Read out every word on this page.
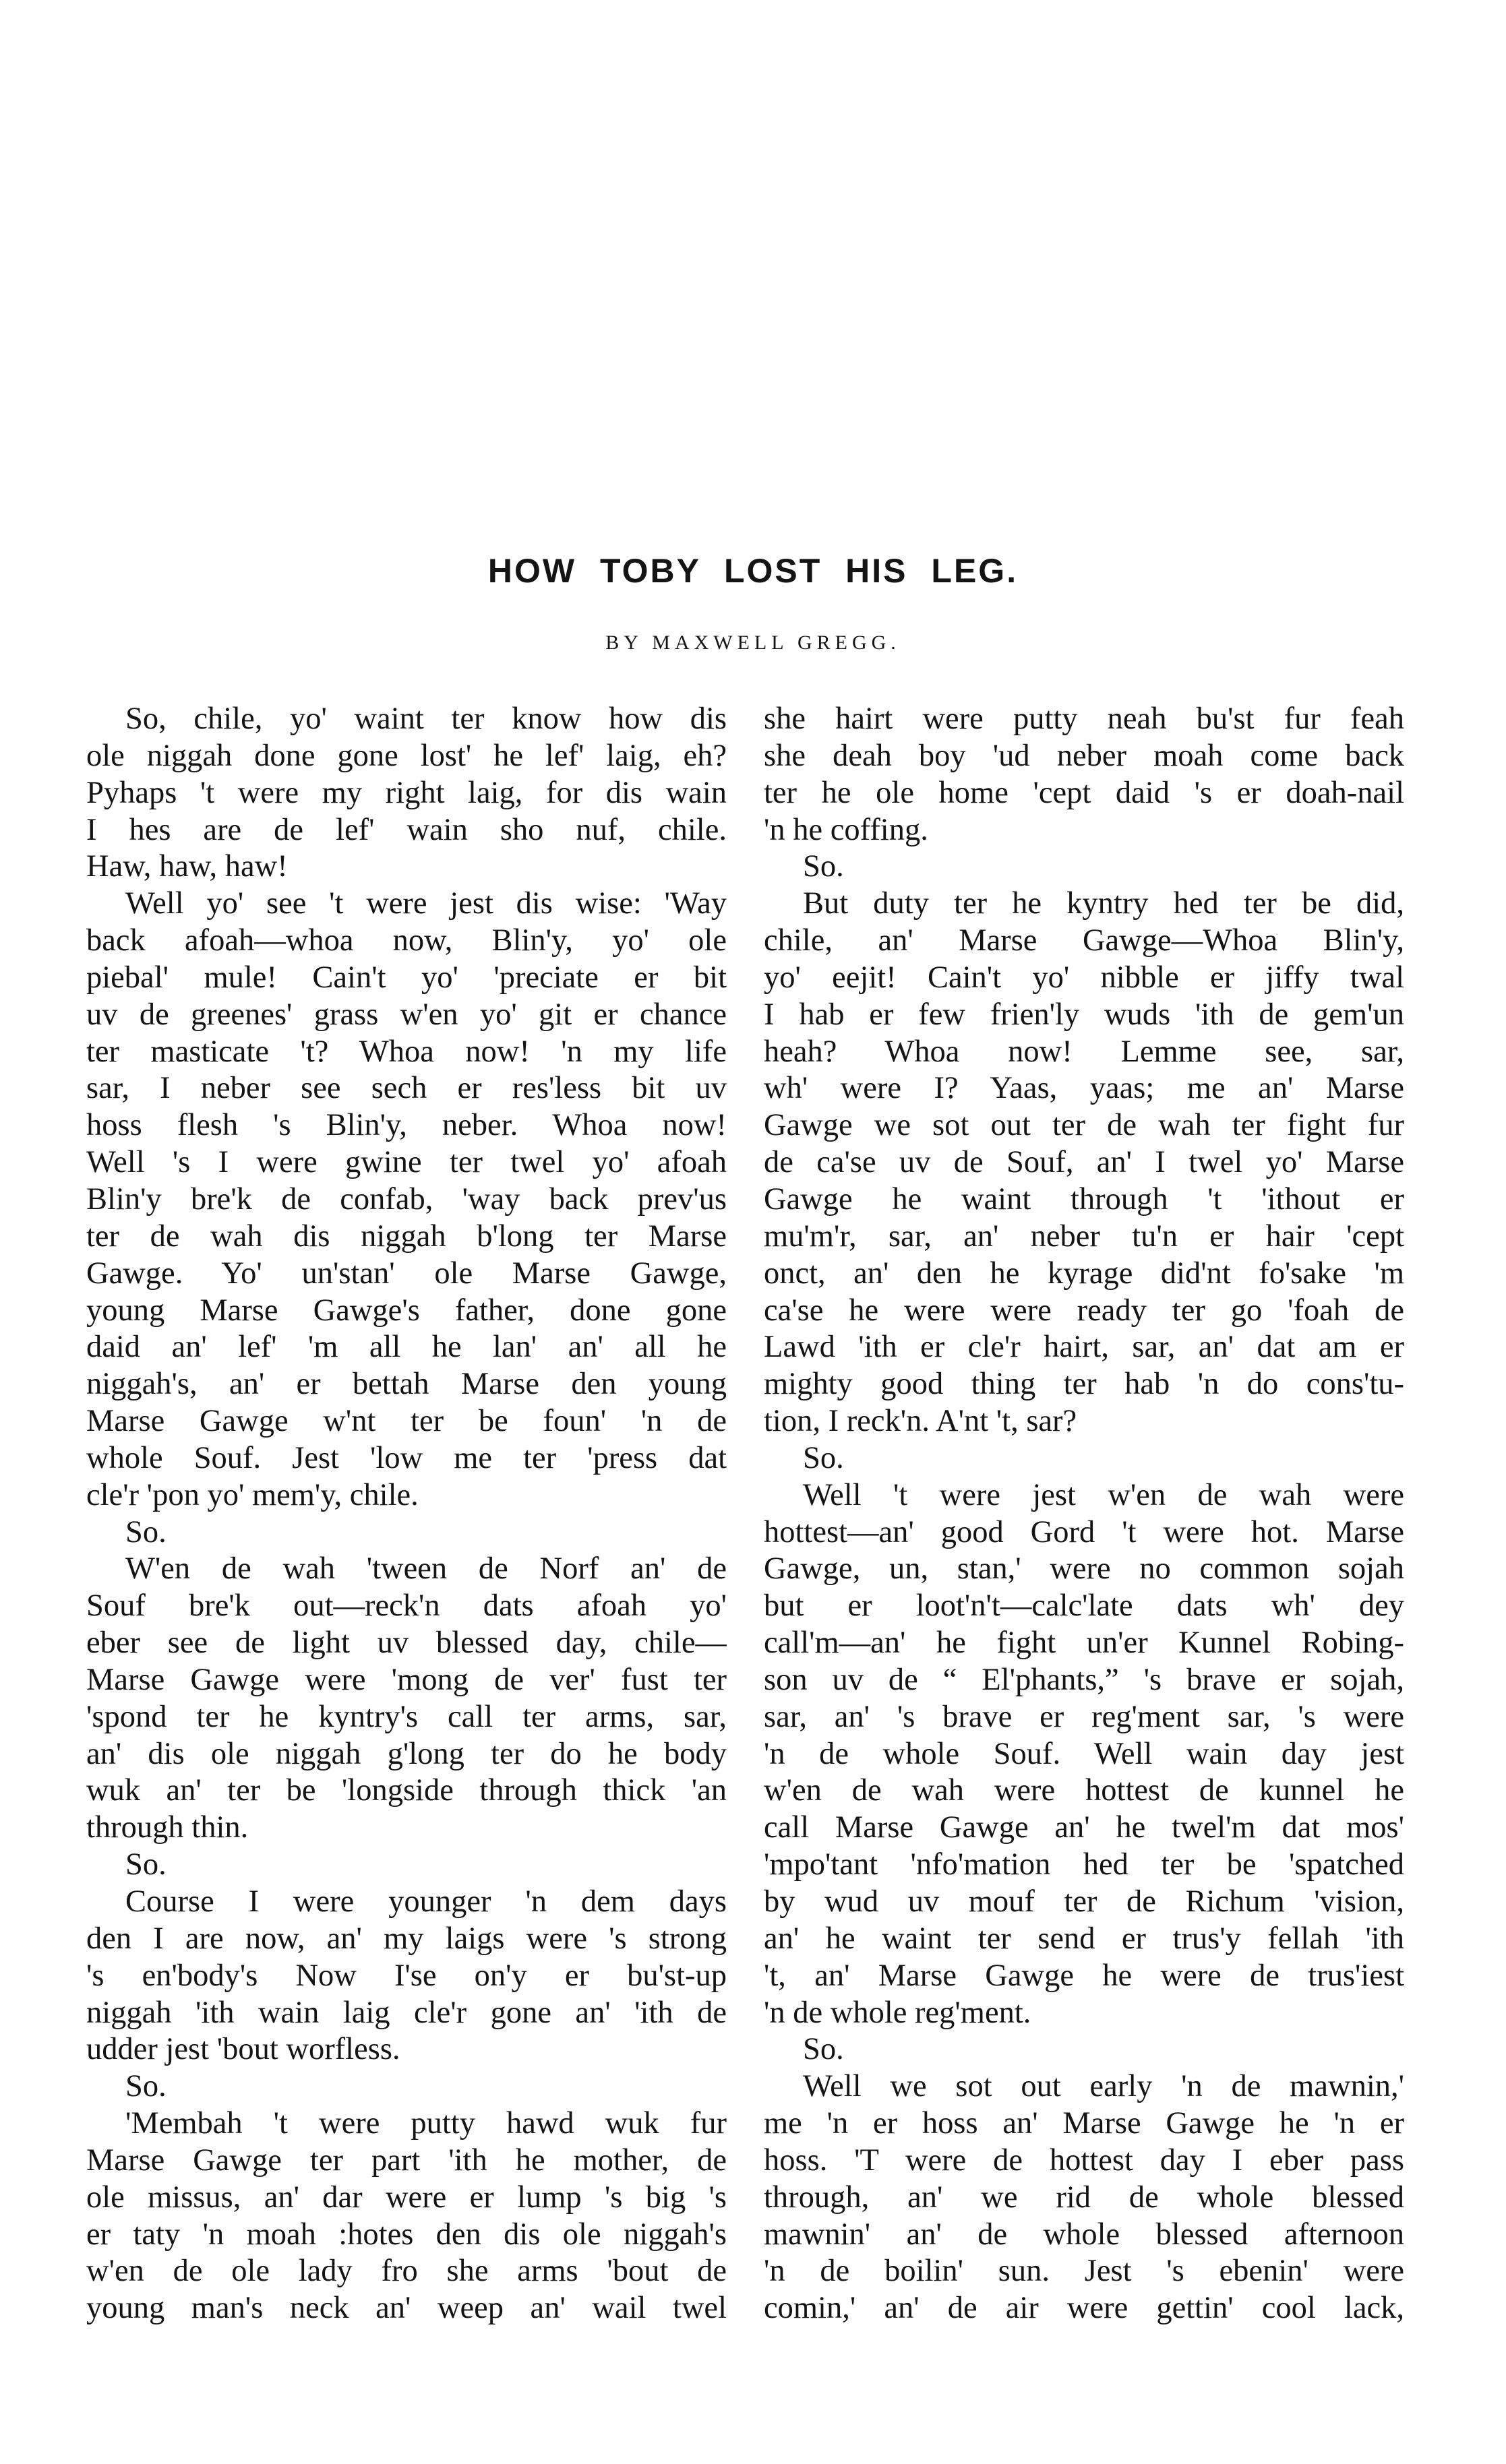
HOW TOBY LOST HIS LEG.
BY MAXWELL GREGG.
So, chile, yo' waint ter know how dis
ole niggah done gone lost' he lef' laig, eh?
Pyhaps 't were my right laig, for dis wain
I hes are de lef' wain sho nuf, chile.
Haw, haw, haw!
Well yo' see 't were jest dis wise: 'Way
back afoah—whoa now, Blin'y, yo' ole
piebal' mule! Cain't yo' 'preciate er bit
uv de greenes' grass w'en yo' git er chance
ter masticate 't? Whoa now! 'n my life
sar, I neber see sech er res'less bit uv
hoss flesh 's Blin'y, neber. Whoa now!
Well 's I were gwine ter twel yo' afoah
Blin'y bre'k de confab, 'way back prev'us
ter de wah dis niggah b'long ter Marse
Gawge. Yo' un'stan' ole Marse Gawge,
young Marse Gawge's father, done gone
daid an' lef' 'm all he lan' an' all he
niggah's, an' er bettah Marse den young
Marse Gawge w'nt ter be foun' 'n de
whole Souf. Jest 'low me ter 'press dat
cle'r 'pon yo' mem'y, chile.
So.
W'en de wah 'tween de Norf an' de
Souf bre'k out—reck'n dats afoah yo'
eber see de light uv blessed day, chile—
Marse Gawge were 'mong de ver' fust ter
'spond ter he kyntry's call ter arms, sar,
an' dis ole niggah g'long ter do he body
wuk an' ter be 'longside through thick 'an
through thin.
So.
Course I were younger 'n dem days
den I are now, an' my laigs were 's strong
's en'body's Now I'se on'y er bu'st-up
niggah 'ith wain laig cle'r gone an' 'ith de
udder jest 'bout worfless.
So.
'Membah 't were putty hawd wuk fur
Marse Gawge ter part 'ith he mother, de
ole missus, an' dar were er lump 's big 's
er taty 'n moah :hotes den dis ole niggah's
w'en de ole lady fro she arms 'bout de
young man's neck an' weep an' wail twel
she hairt were putty neah bu'st fur feah
she deah boy 'ud neber moah come back
ter he ole home 'cept daid 's er doah-nail
'n he coffing.
So.
But duty ter he kyntry hed ter be did,
chile, an' Marse Gawge—Whoa Blin'y,
yo' eejit! Cain't yo' nibble er jiffy twal
I hab er few frien'ly wuds 'ith de gem'un
heah? Whoa now! Lemme see, sar,
wh' were I? Yaas, yaas; me an' Marse
Gawge we sot out ter de wah ter fight fur
de ca'se uv de Souf, an' I twel yo' Marse
Gawge he waint through 't 'ithout er
mu'm'r, sar, an' neber tu'n er hair 'cept
onct, an' den he kyrage did'nt fo'sake 'm
ca'se he were were ready ter go 'foah de
Lawd 'ith er cle'r hairt, sar, an' dat am er
mighty good thing ter hab 'n do cons'tu-
tion, I reck'n. A'nt 't, sar?
So.
Well 't were jest w'en de wah were
hottest—an' good Gord 't were hot. Marse
Gawge, un, stan,' were no common sojah
but er loot'n't—calc'late dats wh' dey
call'm—an' he fight un'er Kunnel Robing-
son uv de “ El'phants,” 's brave er sojah,
sar, an' 's brave er reg'ment sar, 's were
'n de whole Souf. Well wain day jest
w'en de wah were hottest de kunnel he
call Marse Gawge an' he twel'm dat mos'
'mpo'tant 'nfo'mation hed ter be 'spatched
by wud uv mouf ter de Richum 'vision,
an' he waint ter send er trus'y fellah 'ith
't, an' Marse Gawge he were de trus'iest
'n de whole reg'ment.
So.
Well we sot out early 'n de mawnin,'
me 'n er hoss an' Marse Gawge he 'n er
hoss. 'T were de hottest day I eber pass
through, an' we rid de whole blessed
mawnin' an' de whole blessed afternoon
'n de boilin' sun. Jest 's ebenin' were
comin,' an' de air were gettin' cool lack,
